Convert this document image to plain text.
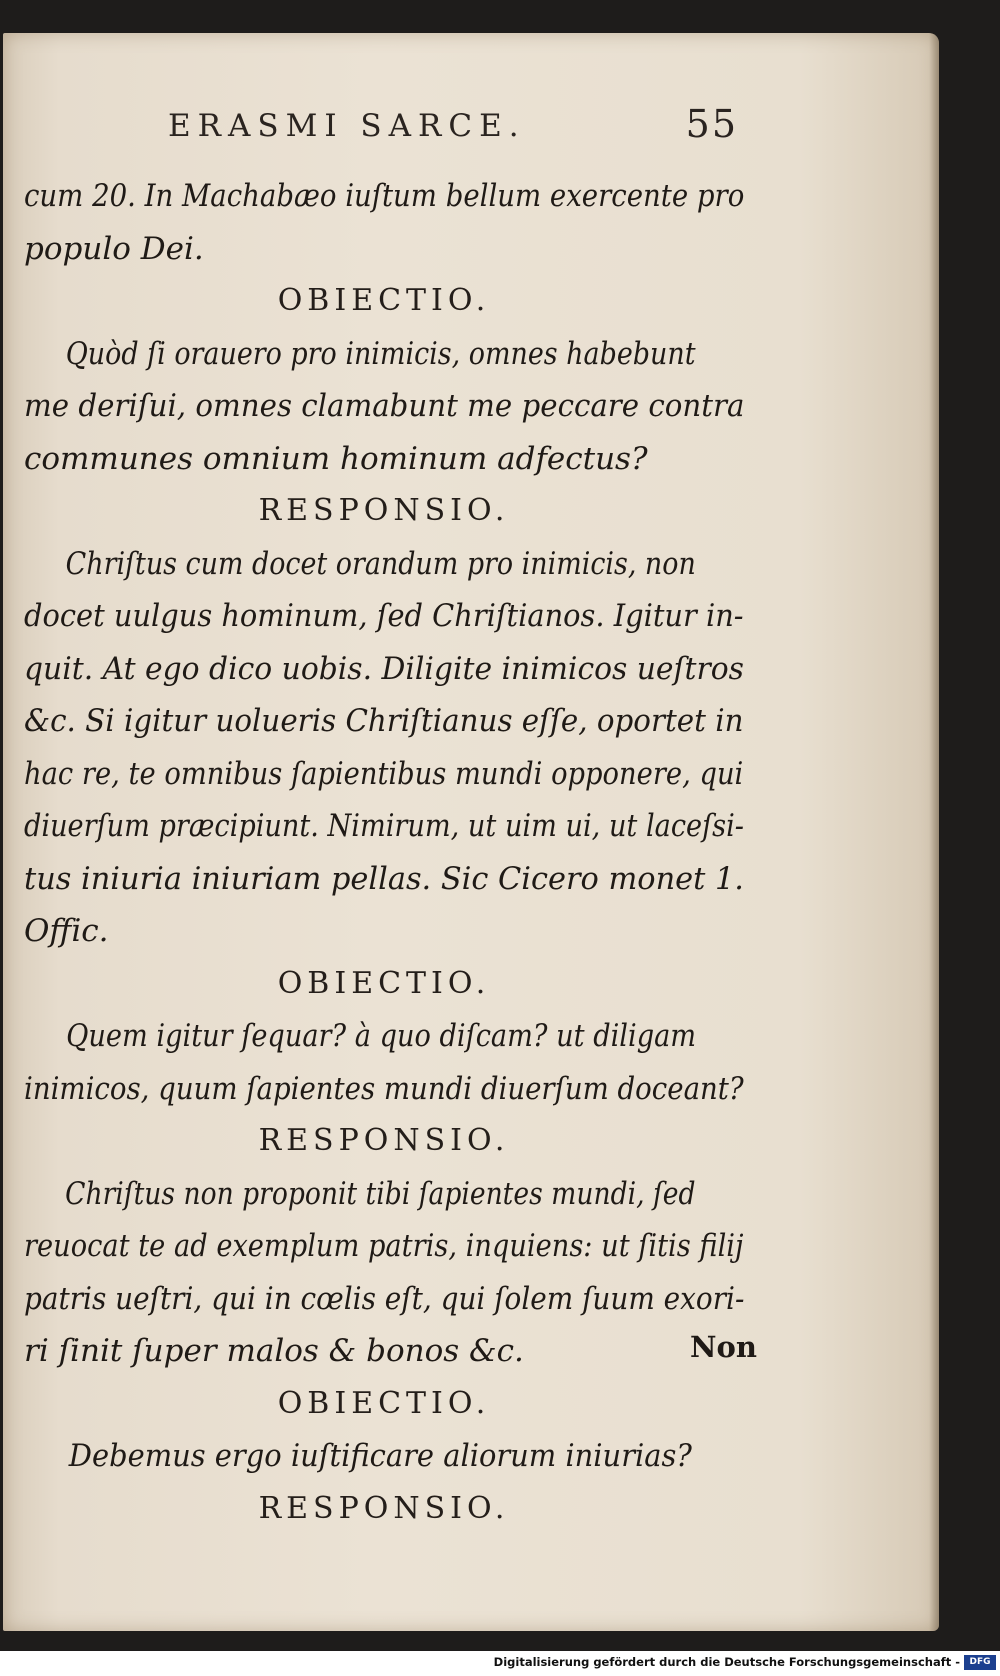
ERASMI SARCE.	55
cum 20. In Machabæo iuſtum bellum exercente pro
populo Dei.
OBIECTIO.
Quòd ſi orauero pro inimicis, omnes habebunt
me deriſui, omnes clamabunt me peccare contra
communes omnium hominum adfectus?
RESPONSIO.
Chriſtus cum docet orandum pro inimicis, non
docet uulgus hominum, ſed Chriſtianos. Igitur in-
quit. At ego dico uobis. Diligite inimicos ueſtros
&c. Si igitur uolueris Chriſtianus eſſe, oportet in
hac re, te omnibus ſapientibus mundi opponere, qui
diuerſum præcipiunt. Nimirum, ut uim ui, ut laceſsi-
tus iniuria iniuriam pellas. Sic Cicero monet 1.
Offic.
OBIECTIO.
Quem igitur ſequar? à quo diſcam? ut diligam
inimicos, quum ſapientes mundi diuerſum doceant?
RESPONSIO.
Chriſtus non proponit tibi ſapientes mundi, ſed
reuocat te ad exemplum patris, inquiens: ut ſitis filij
patris ueſtri, qui in cœlis eſt, qui ſolem ſuum exori-
ri ſinit ſuper malos & bonos &c.
OBIECTIO.
Debemus ergo iuſtificare aliorum iniurias?
RESPONSIO.
Non
Digitalisierung gefördert durch die Deutsche Forschungsgemeinschaft -	DFG
